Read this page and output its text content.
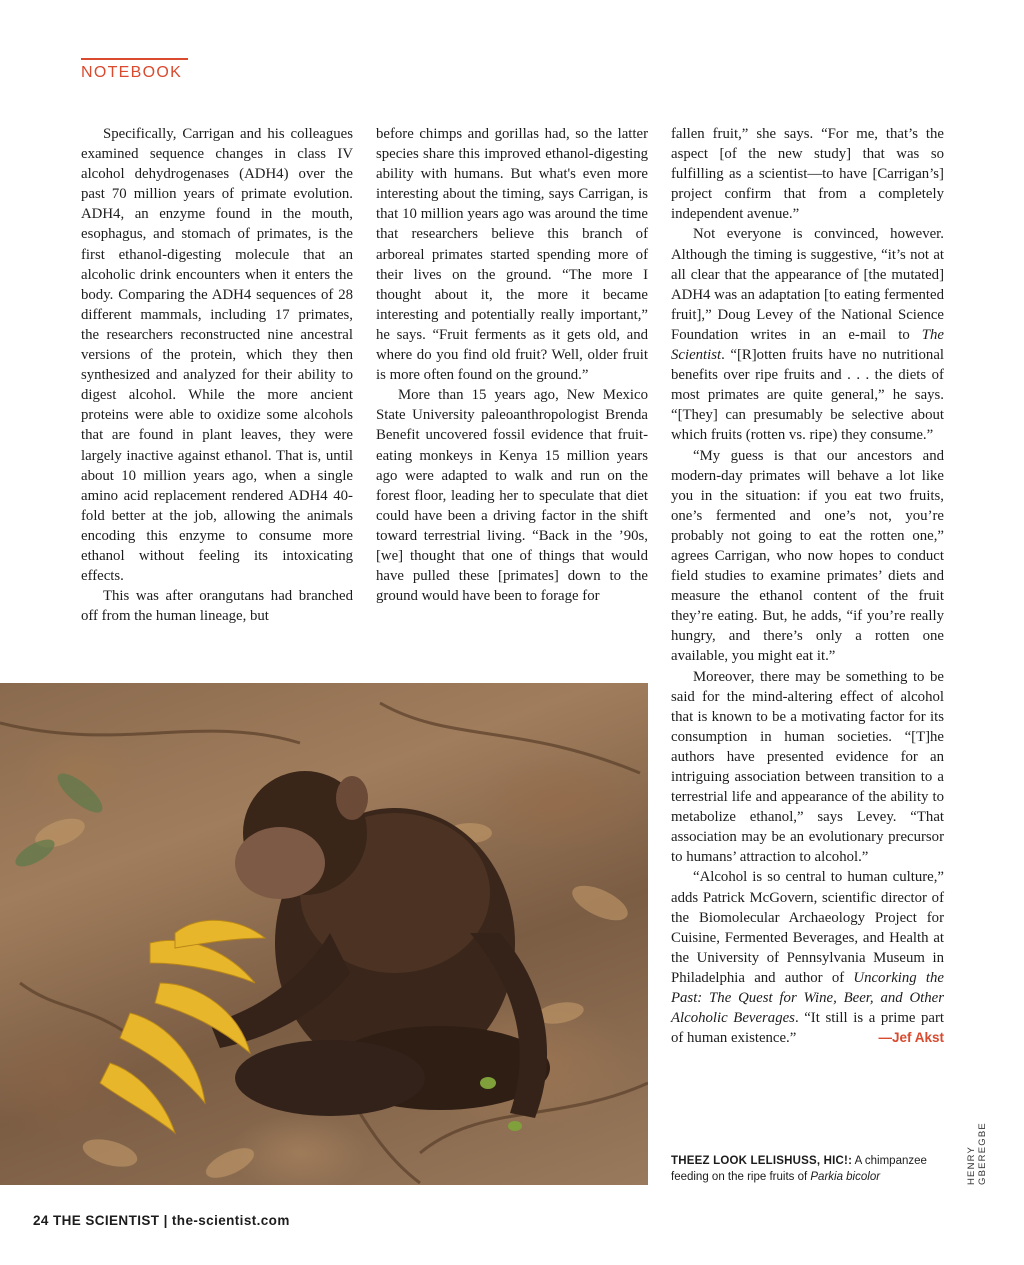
NOTEBOOK

Specifically, Carrigan and his colleagues examined sequence changes in class IV alcohol dehydrogenases (ADH4) over the past 70 million years of primate evolution. ADH4, an enzyme found in the mouth, esophagus, and stomach of primates, is the first ethanol-digesting molecule that an alcoholic drink encounters when it enters the body. Comparing the ADH4 sequences of 28 different mammals, including 17 primates, the researchers reconstructed nine ancestral versions of the protein, which they then synthesized and analyzed for their ability to digest alcohol. While the more ancient proteins were able to oxidize some alcohols that are found in plant leaves, they were largely inactive against ethanol. That is, until about 10 million years ago, when a single amino acid replacement rendered ADH4 40-fold better at the job, allowing the animals encoding this enzyme to consume more ethanol without feeling its intoxicating effects.

This was after orangutans had branched off from the human lineage, but

before chimps and gorillas had, so the latter species share this improved ethanol-digesting ability with humans. But what's even more interesting about the timing, says Carrigan, is that 10 million years ago was around the time that researchers believe this branch of arboreal primates started spending more of their lives on the ground. “The more I thought about it, the more it became interesting and potentially really important,” he says. “Fruit ferments as it gets old, and where do you find old fruit? Well, older fruit is more often found on the ground.”

More than 15 years ago, New Mexico State University paleoanthropologist Brenda Benefit uncovered fossil evidence that fruit-eating monkeys in Kenya 15 million years ago were adapted to walk and run on the forest floor, leading her to speculate that diet could have been a driving factor in the shift toward terrestrial living. “Back in the ’90s, [we] thought that one of things that would have pulled these [primates] down to the ground would have been to forage for

fallen fruit,” she says. “For me, that’s the aspect [of the new study] that was so fulfilling as a scientist—to have [Carrigan’s] project confirm that from a completely independent avenue.”

Not everyone is convinced, however. Although the timing is suggestive, “it’s not at all clear that the appearance of [the mutated] ADH4 was an adaptation [to eating fermented fruit],” Doug Levey of the National Science Foundation writes in an e-mail to The Scientist. “[R]otten fruits have no nutritional benefits over ripe fruits and . . . the diets of most primates are quite general,” he says. “[They] can presumably be selective about which fruits (rotten vs. ripe) they consume.”

“My guess is that our ancestors and modern-day primates will behave a lot like you in the situation: if you eat two fruits, one’s fermented and one’s not, you’re probably not going to eat the rotten one,” agrees Carrigan, who now hopes to conduct field studies to examine primates’ diets and measure the ethanol content of the fruit they’re eating. But, he adds, “if you’re really hungry, and there’s only a rotten one available, you might eat it.”

Moreover, there may be something to be said for the mind-altering effect of alcohol that is known to be a motivating factor for its consumption in human societies. “[T]he authors have presented evidence for an intriguing association between transition to a terrestrial life and appearance of the ability to metabolize ethanol,” says Levey. “That association may be an evolutionary precursor to humans’ attraction to alcohol.”

“Alcohol is so central to human culture,” adds Patrick McGovern, scientific director of the Biomolecular Archaeology Project for Cuisine, Fermented Beverages, and Health at the University of Pennsylvania Museum in Philadelphia and author of Uncorking the Past: The Quest for Wine, Beer, and Other Alcoholic Beverages. “It still is a prime part of human existence.”	—Jef Akst

THEEZ LOOK LELISHUSS, HIC!: A chimpanzee feeding on the ripe fruits of Parkia bicolor	HENRY GBEREGBE
24 THE SCIENTIST | the-scientist.com
